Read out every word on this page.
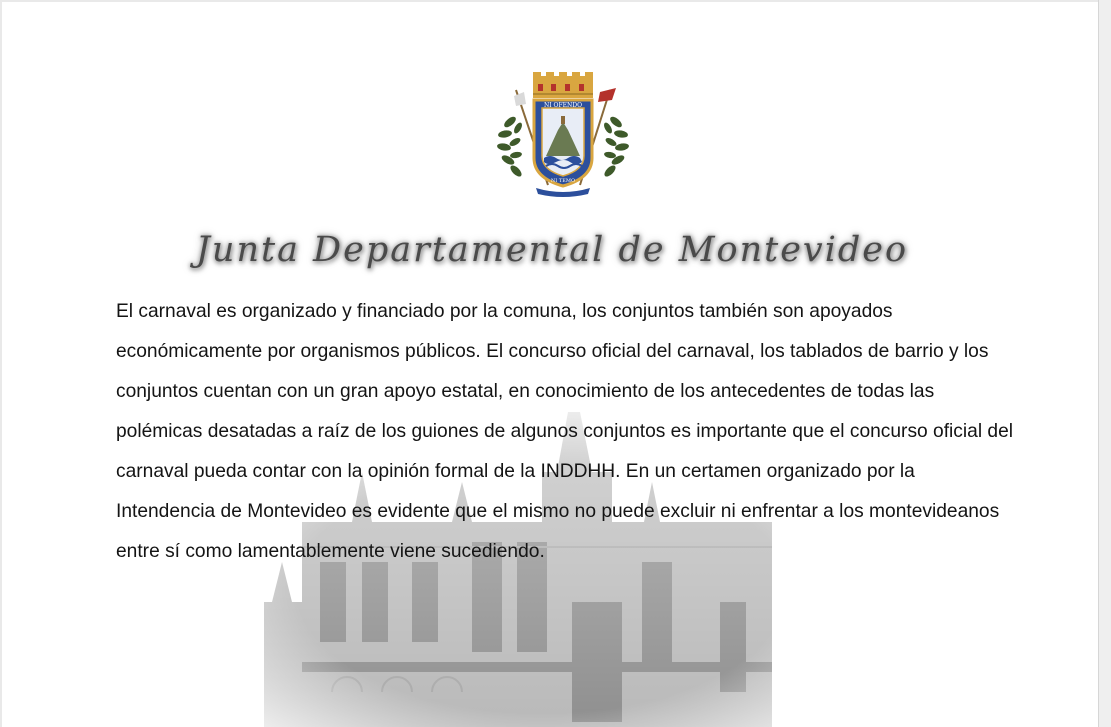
NI OFENDO
NI TEMO
Junta Departamental de Montevideo

El carnaval es organizado y financiado por la comuna, los conjuntos también son apoyados económicamente por organismos públicos. El concurso oficial del carnaval, los tablados de barrio y los conjuntos cuentan con un gran apoyo estatal, en conocimiento de los antecedentes de todas las polémicas desatadas a raíz de los guiones de algunos conjuntos es importante que el concurso oficial del carnaval pueda contar con la opinión formal de la INDDHH. En un certamen organizado por la Intendencia de Montevideo es evidente que el mismo no puede excluir ni enfrentar a los montevideanos entre sí como lamentablemente viene sucediendo.
